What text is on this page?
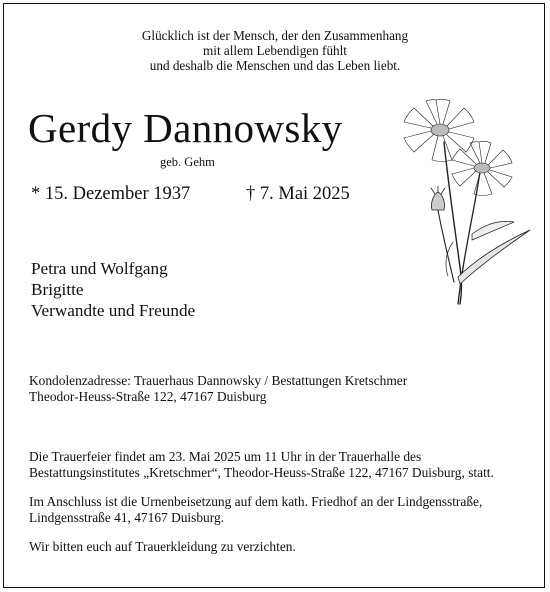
Glücklich ist der Mensch, der den Zusammenhang
mit allem Lebendigen fühlt
und deshalb die Menschen und das Leben liebt.
Gerdy Dannowsky
geb. Gehm
* 15. Dezember 1937	† 7. Mai 2025
Petra und Wolfgang
Brigitte
Verwandte und Freunde
Kondolenzadresse: Trauerhaus Dannowsky / Bestattungen Kretschmer
Theodor-Heuss-Straße 122, 47167 Duisburg
Die Trauerfeier findet am 23. Mai 2025 um 11 Uhr in der Trauerhalle des
Bestattungsinstitutes „Kretschmer“, Theodor-Heuss-Straße 122, 47167 Duisburg, statt.
Im Anschluss ist die Urnenbeisetzung auf dem kath. Friedhof an der Lindgensstraße,
Lindgensstraße 41, 47167 Duisburg.
Wir bitten euch auf Trauerkleidung zu verzichten.
